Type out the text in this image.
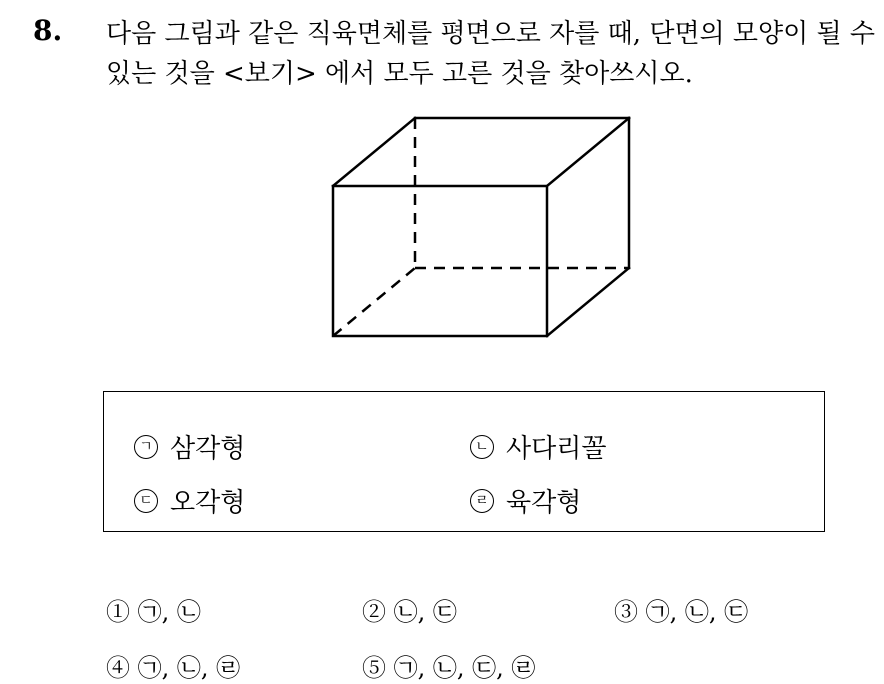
8. 다음 그림과 같은 직육면체를 평면으로 자를 때, 단면의 모양이 될 수
있는 것을 <보기> 에서 모두 고른 것을 찾아쓰시오.
ㄱ 삼각형	ㄴ 사다리꼴
ㄷ 오각형	ㄹ 육각형
① ㉠, ㉡	② ㉡, ㉢	③ ㉠, ㉡, ㉢
④ ㉠, ㉡, ㉣	⑤ ㉠, ㉡, ㉢, ㉣
